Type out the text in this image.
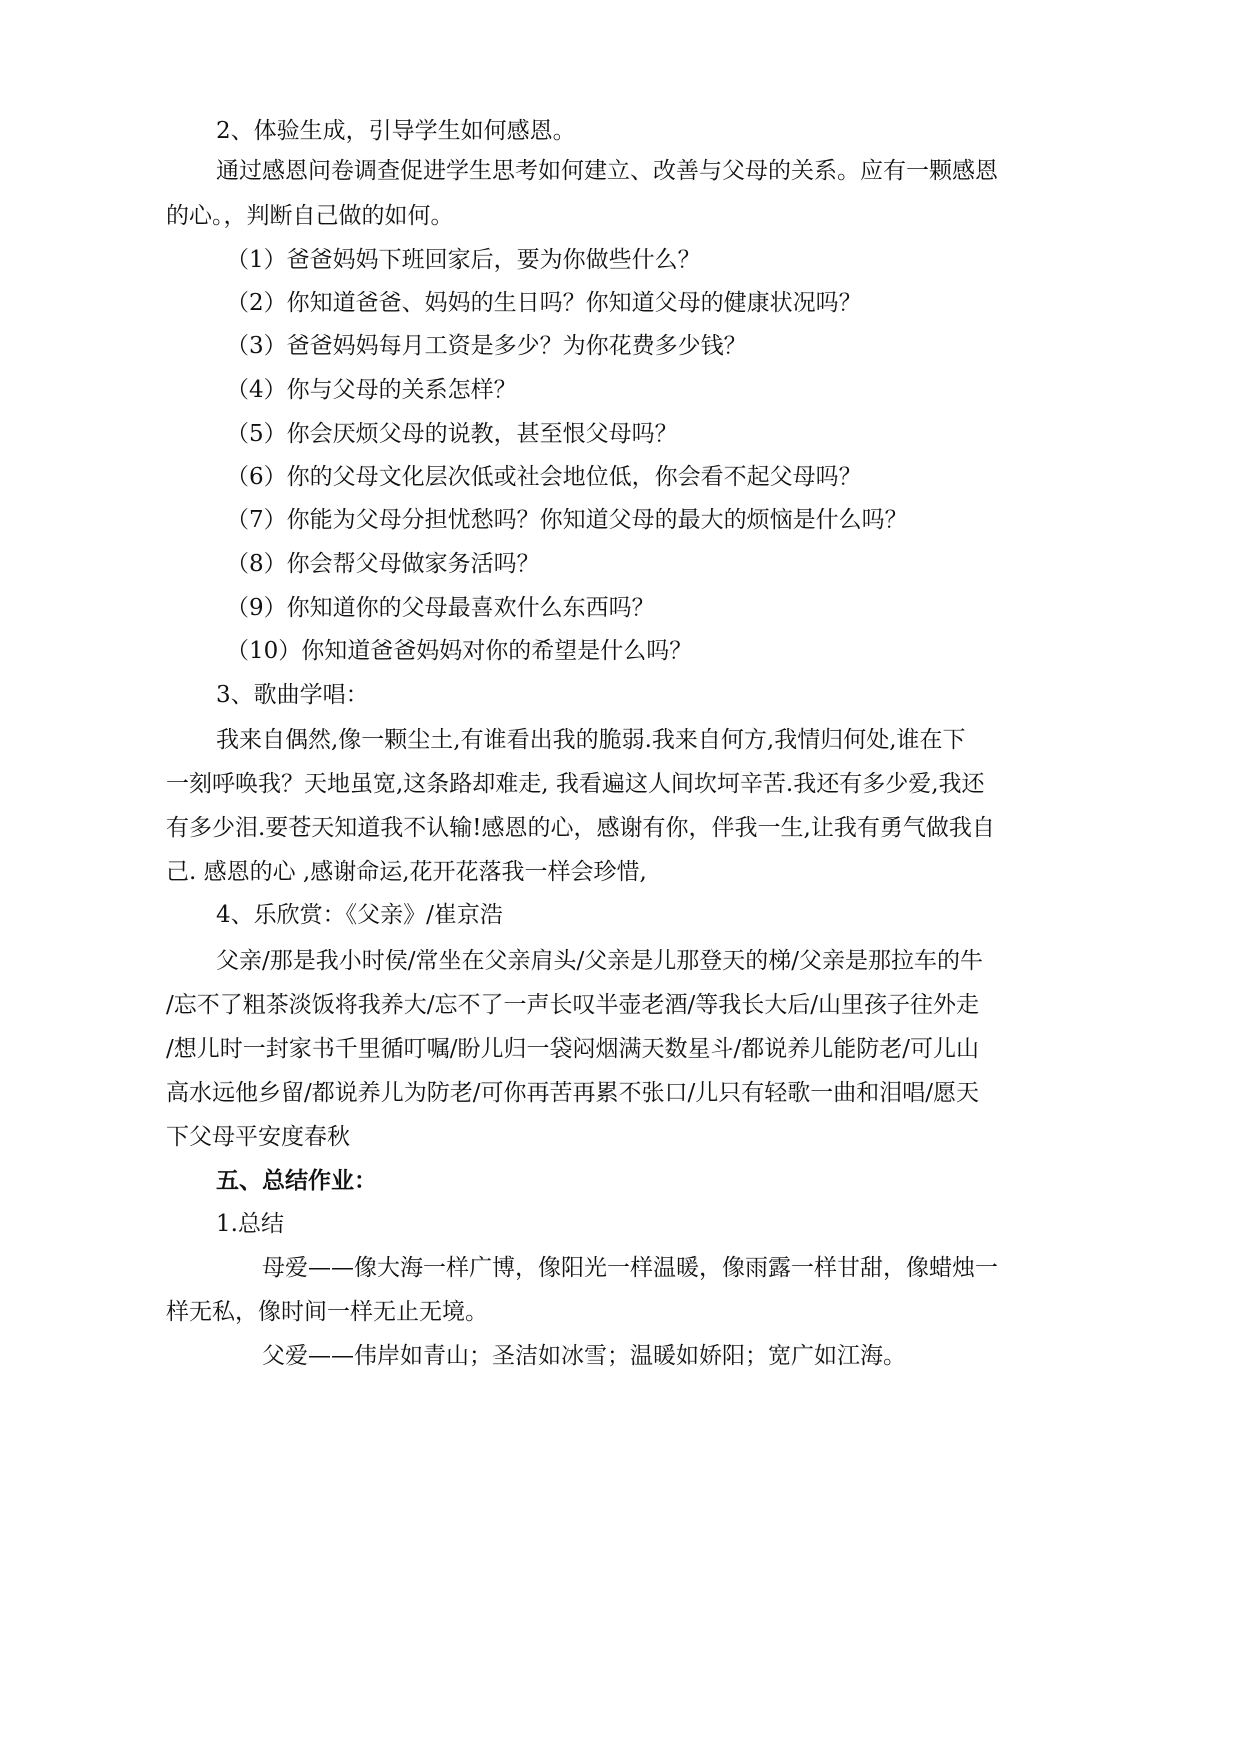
2、体验生成，引导学生如何感恩。
通过感恩问卷调查促进学生思考如何建立、改善与父母的关系。应有一颗感恩
的心。，判断自己做的如何。
（1）爸爸妈妈下班回家后，要为你做些什么？
（2）你知道爸爸、妈妈的生日吗？你知道父母的健康状况吗？
（3）爸爸妈妈每月工资是多少？为你花费多少钱？
（4）你与父母的关系怎样？
（5）你会厌烦父母的说教，甚至恨父母吗？
（6）你的父母文化层次低或社会地位低，你会看不起父母吗？
（7）你能为父母分担忧愁吗？你知道父母的最大的烦恼是什么吗？
（8）你会帮父母做家务活吗？
（9）你知道你的父母最喜欢什么东西吗？
（10）你知道爸爸妈妈对你的希望是什么吗？
3、歌曲学唱：
我来自偶然,像一颗尘土,有谁看出我的脆弱.我来自何方,我情归何处,谁在下
一刻呼唤我？天地虽宽,这条路却难走, 我看遍这人间坎坷辛苦.我还有多少爱,我还
有多少泪.要苍天知道我不认输!感恩的心，感谢有你，伴我一生,让我有勇气做我自
己. 感恩的心 ,感谢命运,花开花落我一样会珍惜,
4、乐欣赏：《父亲》/崔京浩
父亲/那是我小时侯/常坐在父亲肩头/父亲是儿那登天的梯/父亲是那拉车的牛
/忘不了粗茶淡饭将我养大/忘不了一声长叹半壶老酒/等我长大后/山里孩子往外走
/想儿时一封家书千里循叮嘱/盼儿归一袋闷烟满天数星斗/都说养儿能防老/可儿山
高水远他乡留/都说养儿为防老/可你再苦再累不张口/儿只有轻歌一曲和泪唱/愿天
下父母平安度春秋
五、总结作业：
1.总结
母爱——像大海一样广博，像阳光一样温暖，像雨露一样甘甜，像蜡烛一
样无私，像时间一样无止无境。
父爱——伟岸如青山；圣洁如冰雪；温暖如娇阳；宽广如江海。
